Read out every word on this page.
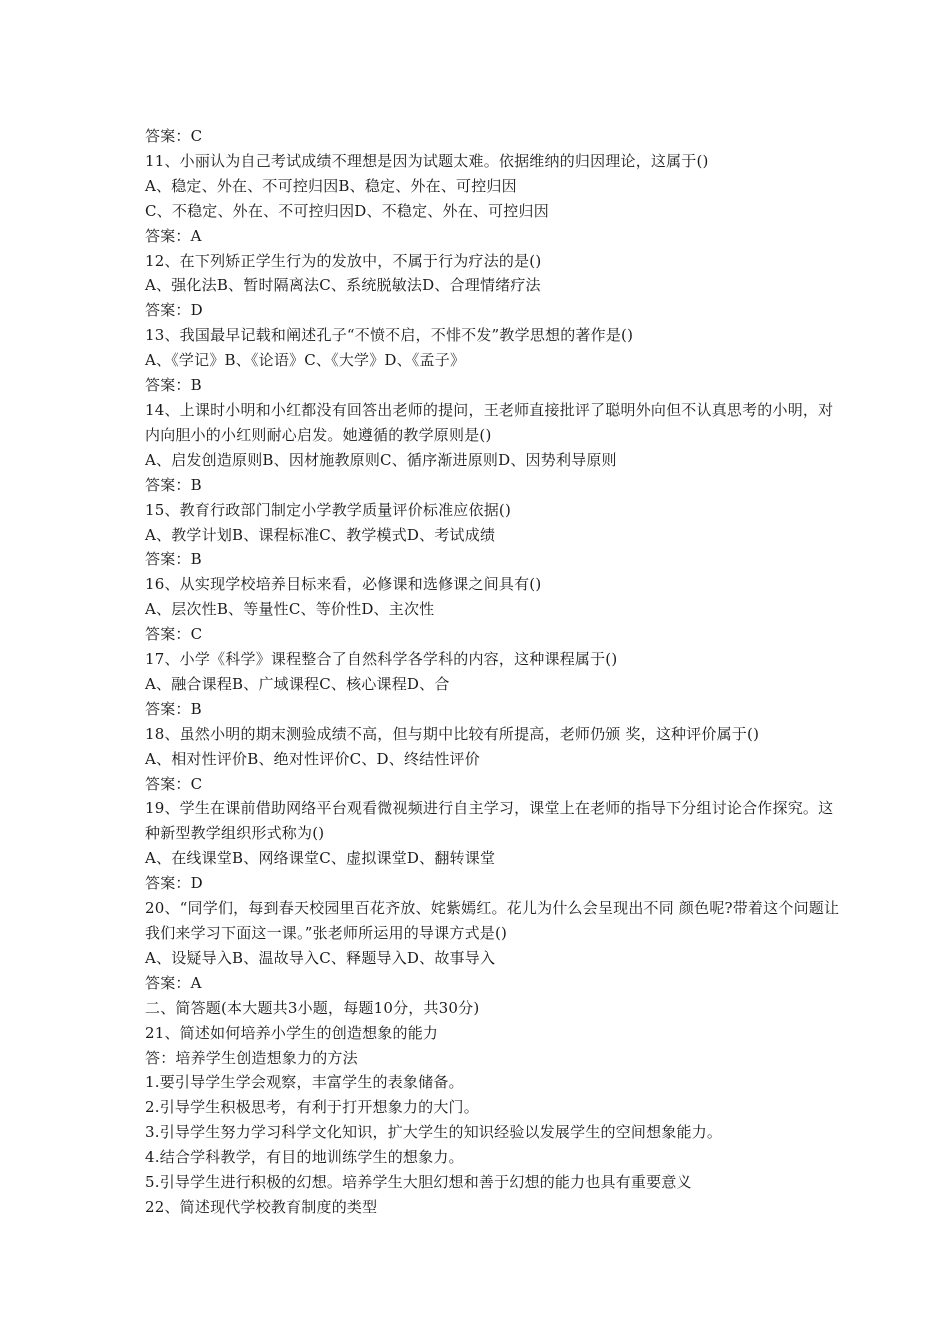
答案：C
11、小丽认为自己考试成绩不理想是因为试题太难。依据维纳的归因理论，这属于()
A、稳定、外在、不可控归因B、稳定、外在、可控归因
C、不稳定、外在、不可控归因D、不稳定、外在、可控归因
答案：A
12、在下列矫正学生行为的发放中，不属于行为疗法的是()
A、强化法B、暂时隔离法C、系统脱敏法D、合理情绪疗法
答案：D
13、我国最早记载和阐述孔子“不愤不启，不悱不发”教学思想的著作是()
A、《学记》B、《论语》C、《大学》D、《孟子》
答案：B
14、上课时小明和小红都没有回答出老师的提问，王老师直接批评了聪明外向但不认真思考的小明，对内向胆小的小红则耐心启发。她遵循的教学原则是()
A、启发创造原则B、因材施教原则C、循序渐进原则D、因势利导原则
答案：B
15、教育行政部门制定小学教学质量评价标准应依据()
A、教学计划B、课程标准C、教学模式D、考试成绩
答案：B
16、从实现学校培养目标来看，必修课和选修课之间具有()
A、层次性B、等量性C、等价性D、主次性
答案：C
17、小学《科学》课程整合了自然科学各学科的内容，这种课程属于()
A、融合课程B、广域课程C、核心课程D、合
答案：B
18、虽然小明的期末测验成绩不高，但与期中比较有所提高，老师仍颁 奖，这种评价属于()
A、相对性评价B、绝对性评价C、D、终结性评价
答案：C
19、学生在课前借助网络平台观看微视频进行自主学习，课堂上在老师的指导下分组讨论合作探究。这种新型教学组织形式称为()
A、在线课堂B、网络课堂C、虚拟课堂D、翻转课堂
答案：D
20、“同学们，每到春天校园里百花齐放、姹紫嫣红。花儿为什么会呈现出不同 颜色呢?带着这个问题让我们来学习下面这一课。”张老师所运用的导课方式是()
A、设疑导入B、温故导入C、释题导入D、故事导入
答案：A
二、简答题(本大题共3小题，每题10分，共30分)
21、简述如何培养小学生的创造想象的能力
答：培养学生创造想象力的方法
1.要引导学生学会观察，丰富学生的表象储备。
2.引导学生积极思考，有利于打开想象力的大门。
3.引导学生努力学习科学文化知识，扩大学生的知识经验以发展学生的空间想象能力。
4.结合学科教学，有目的地训练学生的想象力。
5.引导学生进行积极的幻想。培养学生大胆幻想和善于幻想的能力也具有重要意义
22、简述现代学校教育制度的类型
